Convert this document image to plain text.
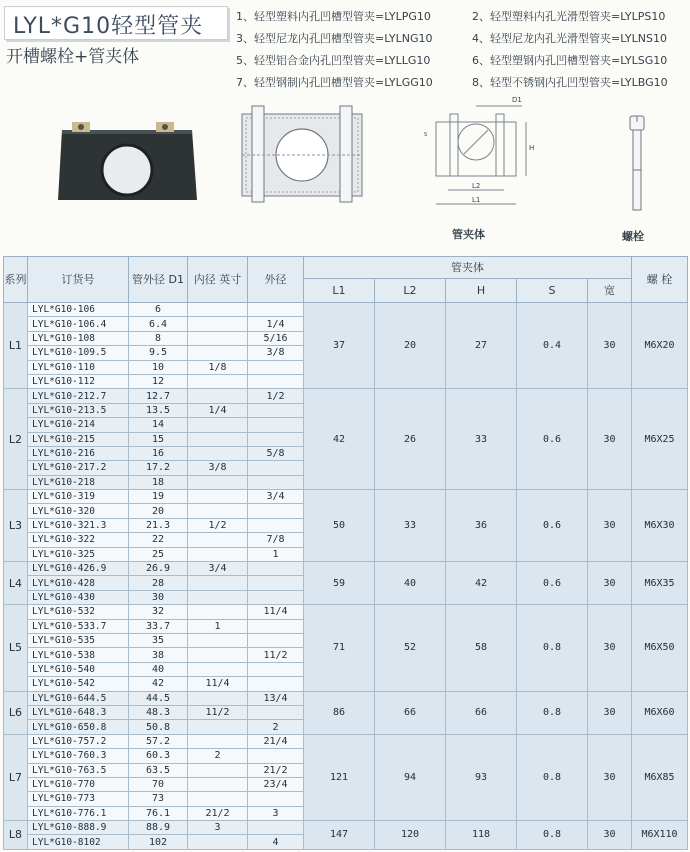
LYL*G10轻型管夹
开槽螺栓+管夹体
1、轻型塑料内孔凹槽型管夹=LYLPG10	2、轻型塑料内孔光滑型管夹=LYLPS10
3、轻型尼龙内孔凹槽型管夹=LYLNG10	4、轻型尼龙内孔光滑型管夹=LYLNS10
5、轻型铝合金内孔凹型管夹=LYLLG10	6、轻型塑钢内孔凹槽型管夹=LYLSG10
7、轻型钢制内孔凹槽型管夹=LYLGG10	8、轻型不锈钢内孔凹型管夹=LYLBG10
D1
H
L2
L1
S
管夹体	螺栓
系列	订货号	管外径 D1	内径 英寸	外径	管夹体					螺 栓
					L1	L2	H	S	宽	
L1	LYL*G10-106	6			37	20	27	0.4	30	M6X20
	LYL*G10-106.4	6.4		1/4						
	LYL*G10-108	8		5/16						
	LYL*G10-109.5	9.5		3/8						
	LYL*G10-110	10	1/8							
	LYL*G10-112	12								
L2	LYL*G10-212.7	12.7		1/2	42	26	33	0.6	30	M6X25
	LYL*G10-213.5	13.5	1/4							
	LYL*G10-214	14								
	LYL*G10-215	15								
	LYL*G10-216	16		5/8						
	LYL*G10-217.2	17.2	3/8							
	LYL*G10-218	18								
L3	LYL*G10-319	19		3/4	50	33	36	0.6	30	M6X30
	LYL*G10-320	20								
	LYL*G10-321.3	21.3	1/2							
	LYL*G10-322	22		7/8						
	LYL*G10-325	25		1						
L4	LYL*G10-426.9	26.9	3/4		59	40	42	0.6	30	M6X35
	LYL*G10-428	28								
	LYL*G10-430	30								
L5	LYL*G10-532	32		11/4	71	52	58	0.8	30	M6X50
	LYL*G10-533.7	33.7	1							
	LYL*G10-535	35								
	LYL*G10-538	38		11/2						
	LYL*G10-540	40								
	LYL*G10-542	42	11/4							
L6	LYL*G10-644.5	44.5		13/4	86	66	66	0.8	30	M6X60
	LYL*G10-648.3	48.3	11/2							
	LYL*G10-650.8	50.8		2						
L7	LYL*G10-757.2	57.2		21/4	121	94	93	0.8	30	M6X85
	LYL*G10-760.3	60.3	2							
	LYL*G10-763.5	63.5		21/2						
	LYL*G10-770	70		23/4						
	LYL*G10-773	73								
	LYL*G10-776.1	76.1	21/2	3						
L8	LYL*G10-888.9	88.9	3		147	120	118	0.8	30	M6X110
	LYL*G10-8102	102		4						
